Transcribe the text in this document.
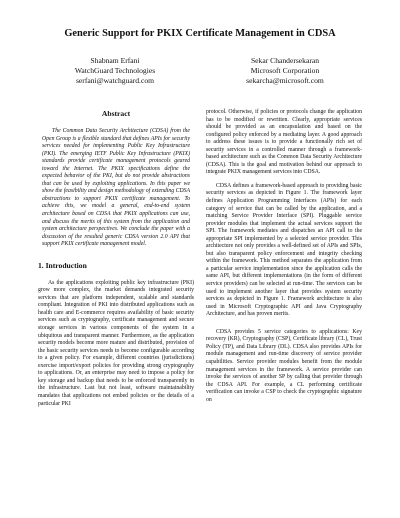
Generic Support for PKIX Certificate Management in CDSA
Shabnam Erfani
WatchGuard Technologies
serfani@watchguard.com
Sekar Chandersekaran
Microsoft Corporation
sekarcha@microsoft.com
Abstract
The Common Data Security Architecture (CDSA) from the Open Group is a flexible standard that defines APIs for security services needed for implementing Public Key Infrastructure (PKI). The emerging IETF Public Key Infrastructure (PKIX) standards provide certificate management protocols geared toward the Internet. The PKIX specifications define the expected behavior of the PKI, but do not provide abstractions that can be used by exploiting applications. In this paper we show the feasibility and design methodology of extending CDSA abstractions to support PKIX certificate management. To achieve this, we model a general, end-to-end system architecture based on CDSA that PKIX applications can use, and discuss the merits of this system from the application and system architecture perspectives. We conclude the paper with a discussion of the resulted generic CDSA version 2.0 API that support PKIX certificate management model.
1. Introduction

As the applications exploiting public key infrastructure (PKI) grow more complex, the market demands integrated security services that are platform independent, scalable and standards compliant. Integration of PKI into distributed applications such as health care and E-commerce requires availability of basic security services such as cryptography, certificate management and secure storage services in various components of the system in a ubiquitous and transparent manner. Furthermore, as the application security models become more mature and distributed, provision of the basic security services needs to become configurable according to a given policy. For example, different countries (jurisdictions) exercise import/export policies for providing strong cryptography to applications. Or, an enterprise may need to impose a policy for key storage and backup that needs to be enforced transparently in the infrastructure. Last but not least, software maintainability mandates that applications not embed policies or the details of a particular PKI

protocol. Otherwise, if policies or protocols change the application has to be modified or rewritten. Clearly, appropriate services should be provided as an encapsulation and based on the configured policy enforced by a mediating layer. A good approach to address these issues is to provide a functionally rich set of security services in a controlled manner through a framework-based architecture such as the Common Data Security Architecture (CDSA). This is the goal and motivation behind our approach to integrate PKIX management services into CDSA.

CDSA defines a framework-based approach to providing basic security services as depicted in Figure 1. The framework layer defines Application Programming Interfaces (APIs) for each category of service that can be called by the application, and a matching Service Provider Interface (SPI). Pluggable service provider modules that implement the actual services support the SPI. The framework mediates and dispatches an API call to the appropriate SPI implemented by a selected service provider. This architecture not only provides a well-defined set of APIs and SPIs, but also transparent policy enforcement and integrity checking within the framework. This method separates the application from a particular service implementation since the application calls the same API, but different implementations (in the form of different service providers) can be selected at run-time. The services can be used to implement another layer that provides system security services as depicted in Figure 1. Framework architecture is also used in Microsoft Cryptographic API and Java Cryptography Architecture, and has proven merits.

CDSA provides 5 service categories to applications: Key recovery (KR), Cryptography (CSP), Certificate library (CL), Trust Policy (TP), and Data Library (DL). CDSA also provides APIs for module management and run-time discovery of service provider capabilities. Service provider modules benefit from the module management services in the framework. A service provider can invoke the services of another SP by calling that provider through the CDSA API. For example, a CL performing certificate verification can invoke a CSP to check the cryptographic signature on
